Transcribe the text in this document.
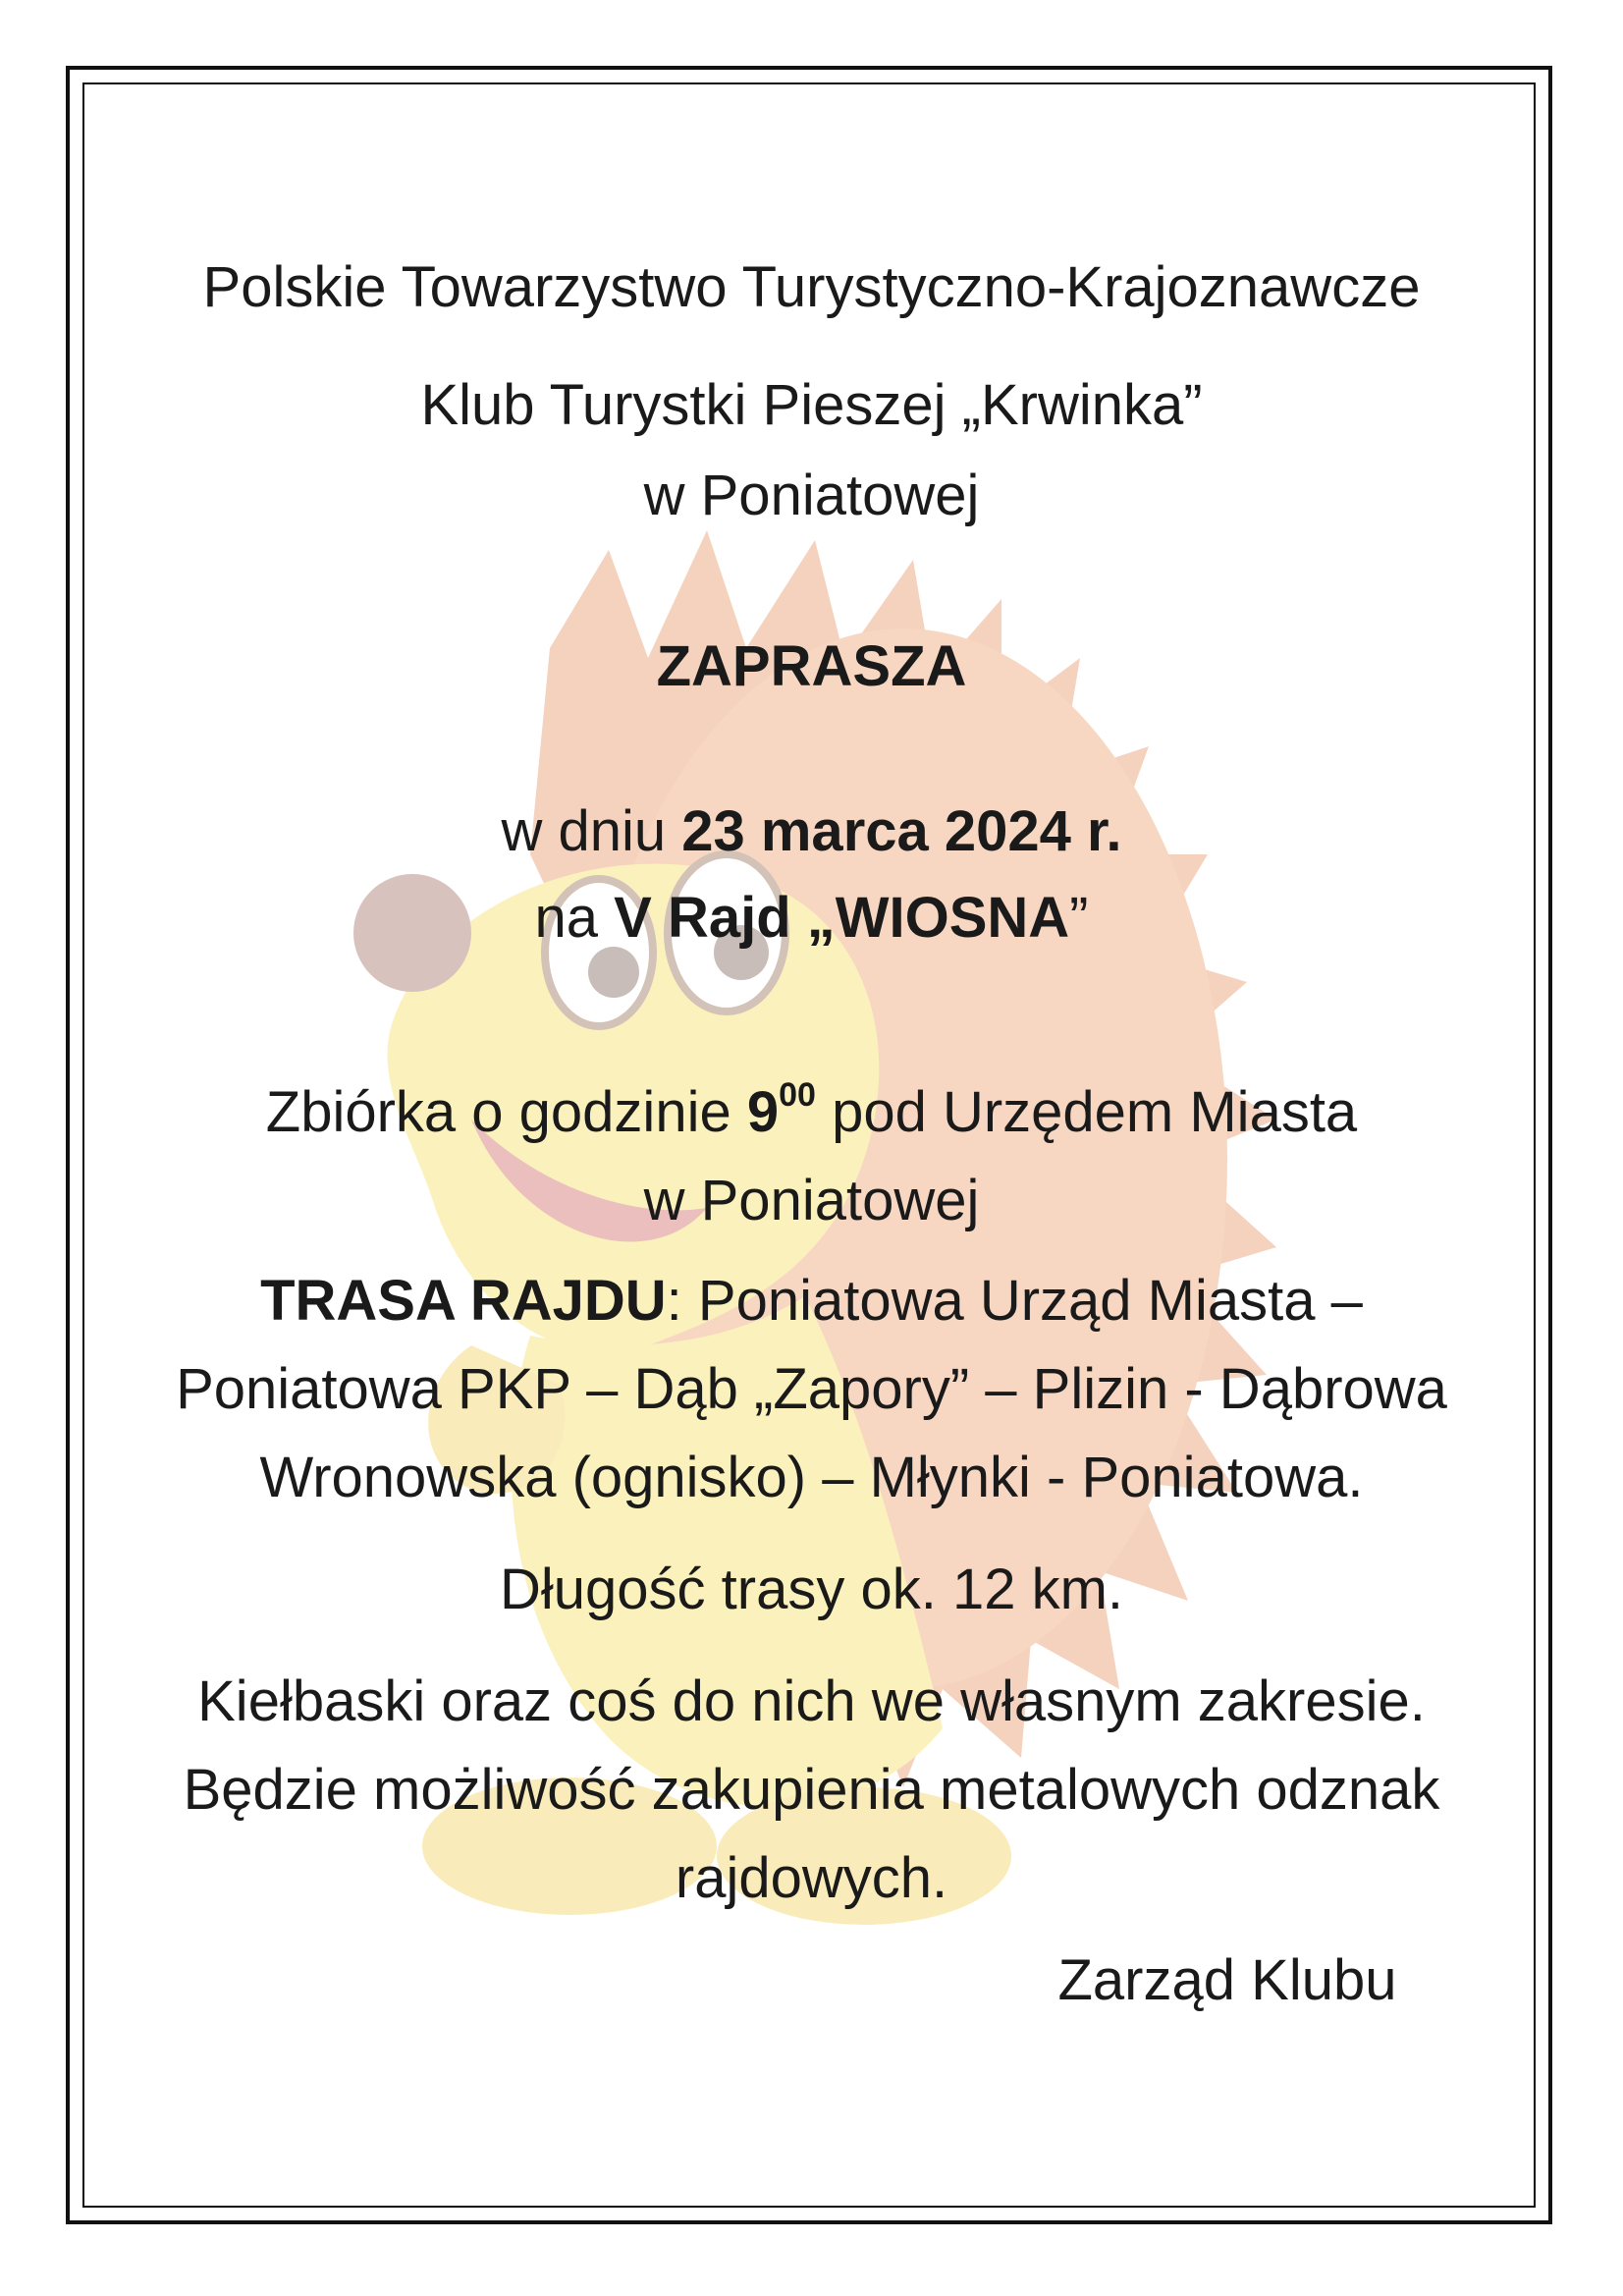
Polskie Towarzystwo Turystyczno-Krajoznawcze
Klub Turystki Pieszej „Krwinka”
w Poniatowej
ZAPRASZA
w dniu 23 marca 2024 r.
na V Rajd „WIOSNA”
Zbiórka o godzinie $9^{00}$ pod Urzędem Miasta
w Poniatowej
TRASA RAJDU: Poniatowa Urząd Miasta –
Poniatowa PKP – Dąb „Zapory” – Plizin - Dąbrowa
Wronowska (ognisko) – Młynki - Poniatowa.
Długość trasy ok. 12 km.
Kiełbaski oraz coś do nich we własnym zakresie.
Będzie możliwość zakupienia metalowych odznak
rajdowych.
Zarząd Klubu
